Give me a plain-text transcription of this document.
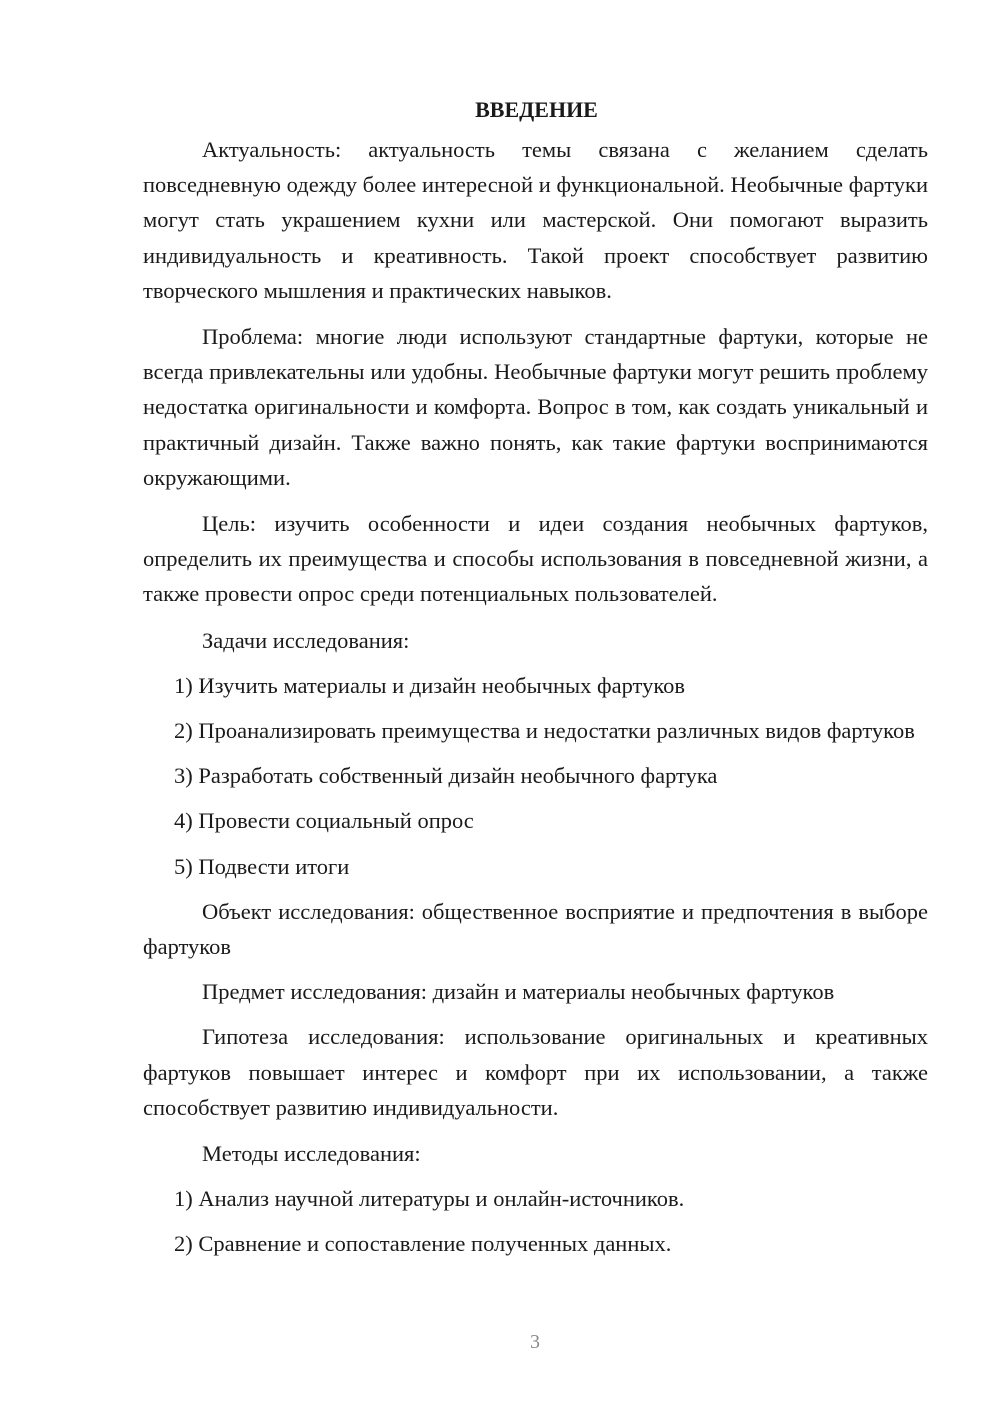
ВВЕДЕНИЕ

Актуальность: актуальность темы связана с желанием сделать повседневную одежду более интересной и функциональной. Необычные фартуки могут стать украшением кухни или мастерской. Они помогают выразить индивидуальность и креативность. Такой проект способствует развитию творческого мышления и практических навыков.

Проблема: многие люди используют стандартные фартуки, которые не всегда привлекательны или удобны. Необычные фартуки могут решить проблему недостатка оригинальности и комфорта. Вопрос в том, как создать уникальный и практичный дизайн. Также важно понять, как такие фартуки воспринимаются окружающими.

Цель: изучить особенности и идеи создания необычных фартуков, определить их преимущества и способы использования в повседневной жизни, а также провести опрос среди потенциальных пользователей.

Задачи исследования:

1) Изучить материалы и дизайн необычных фартуков

2) Проанализировать преимущества и недостатки различных видов фартуков

3) Разработать собственный дизайн необычного фартука

4) Провести социальный опрос

5) Подвести итоги

Объект исследования: общественное восприятие и предпочтения в выборе фартуков

Предмет исследования: дизайн и материалы необычных фартуков

Гипотеза исследования: использование оригинальных и креативных фартуков повышает интерес и комфорт при их использовании, а также способствует развитию индивидуальности.

Методы исследования:

1) Анализ научной литературы и онлайн-источников.

2) Сравнение и сопоставление полученных данных.

3
